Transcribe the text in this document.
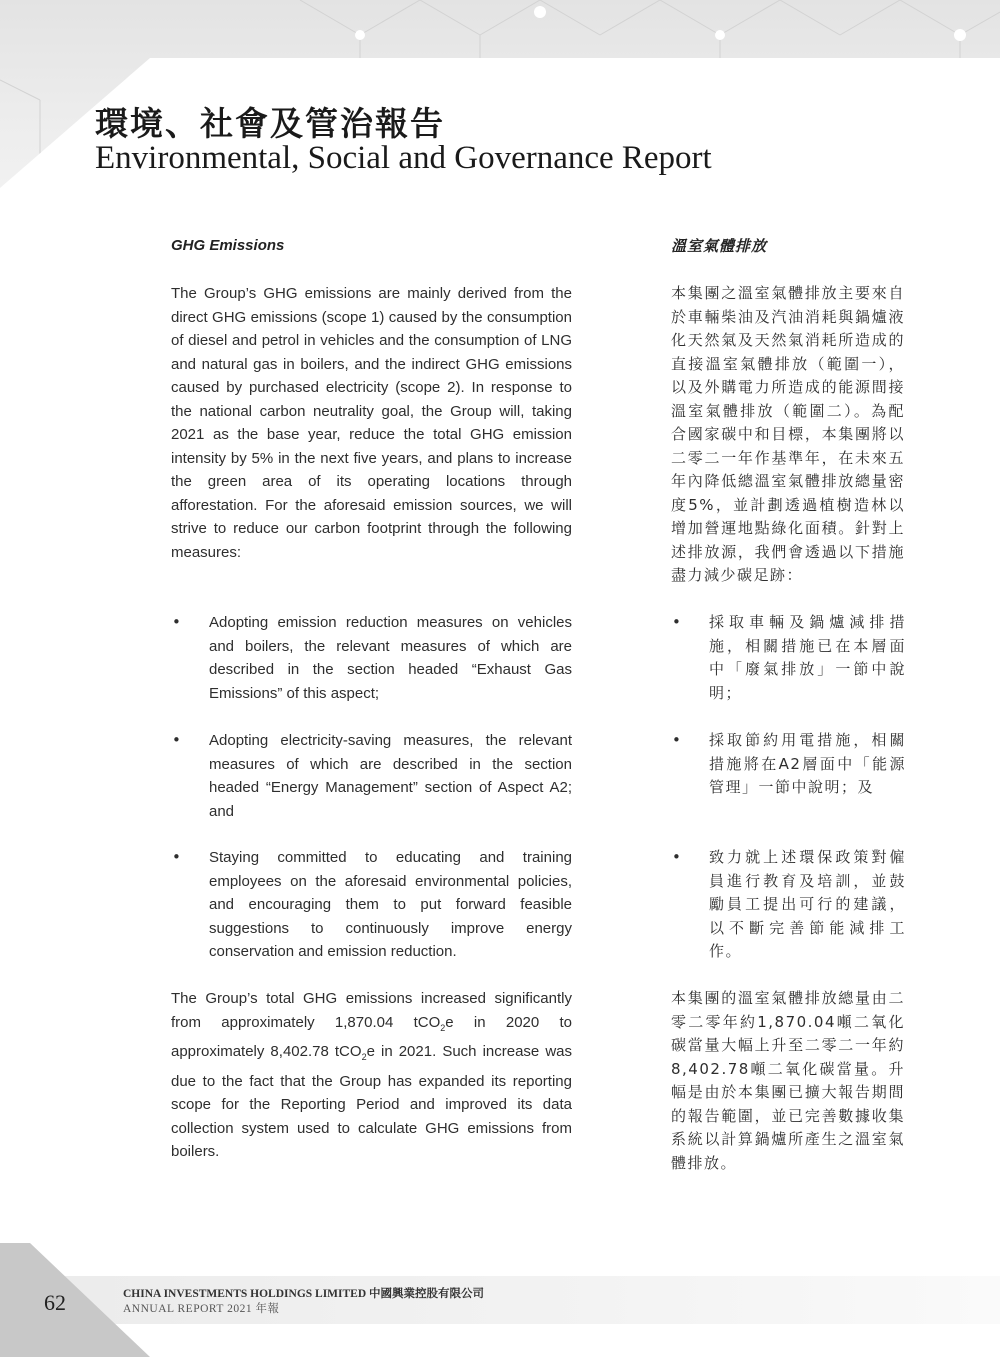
環境、社會及管治報告
Environmental, Social and Governance Report
GHG Emissions	溫室氣體排放

The Group’s GHG emissions are mainly derived from the direct GHG emissions (scope 1) caused by the consumption of diesel and petrol in vehicles and the consumption of LNG and natural gas in boilers, and the indirect GHG emissions caused by purchased electricity (scope 2). In response to the national carbon neutrality goal, the Group will, taking 2021 as the base year, reduce the total GHG emission intensity by 5% in the next five years, and plans to increase the green area of its operating locations through afforestation. For the aforesaid emission sources, we will strive to reduce our carbon footprint through the following measures:

本集團之溫室氣體排放主要來自於車輛柴油及汽油消耗與鍋爐液化天然氣及天然氣消耗所造成的直接溫室氣體排放（範圍一），以及外購電力所造成的能源間接溫室氣體排放（範圍二）。為配合國家碳中和目標，本集團將以二零二一年作基準年，在未來五年內降低總溫室氣體排放總量密度5%，並計劃透過植樹造林以增加營運地點綠化面積。針對上述排放源，我們會透過以下措施盡力減少碳足跡：

• Adopting emission reduction measures on vehicles and boilers, the relevant measures of which are described in the section headed “Exhaust Gas Emissions” of this aspect;

• 採取車輛及鍋爐減排措施，相關措施已在本層面中「廢氣排放」一節中說明；

• Adopting electricity-saving measures, the relevant measures of which are described in the section headed “Energy Management” section of Aspect A2; and

• 採取節約用電措施，相關措施將在A2層面中「能源管理」一節中說明；及

• Staying committed to educating and training employees on the aforesaid environmental policies, and encouraging them to put forward feasible suggestions to continuously improve energy conservation and emission reduction.

• 致力就上述環保政策對僱員進行教育及培訓，並鼓勵員工提出可行的建議，以不斷完善節能減排工作。

The Group’s total GHG emissions increased significantly from approximately 1,870.04 tCO$_2$e in 2020 to approximately 8,402.78 tCO$_2$e in 2021. Such increase was due to the fact that the Group has expanded its reporting scope for the Reporting Period and improved its data collection system used to calculate GHG emissions from boilers.

本集團的溫室氣體排放總量由二零二零年約1,870.04噸二氧化碳當量大幅上升至二零二一年約8,402.78噸二氧化碳當量。升幅是由於本集團已擴大報告期間的報告範圍，並已完善數據收集系統以計算鍋爐所產生之溫室氣體排放。

62	CHINA INVESTMENTS HOLDINGS LIMITED 中國興業控股有限公司
ANNUAL REPORT 2021 年報
